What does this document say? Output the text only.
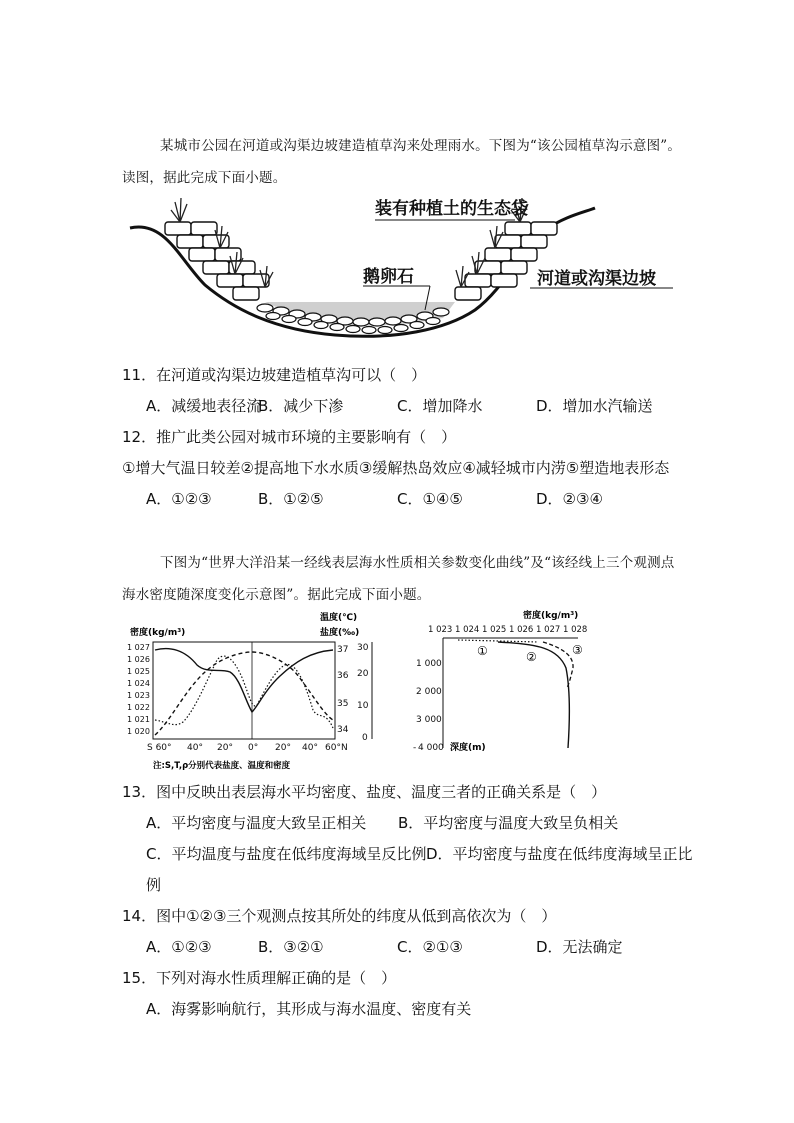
某城市公园在河道或沟渠边坡建造植草沟来处理雨水。下图为“该公园植草沟示意图”。
读图，据此完成下面小题。
装有种植土的生态袋
鹅卵石	河道或沟渠边坡
11．在河道或沟渠边坡建造植草沟可以（　）
A．减缓地表径流
B．减少下渗	C．增加降水	D．增加水汽输送
12．推广此类公园对城市环境的主要影响有（　）
①增大气温日较差②提高地下水水质③缓解热岛效应④减轻城市内涝⑤塑造地表形态
A．①②③	B．①②⑤	C．①④⑤	D．②③④
下图为“世界大洋沿某一经线表层海水性质相关参数变化曲线”及“该经线上三个观测点
海水密度随深度变化示意图”。据此完成下面小题。
密度(kg/m³)
温度(℃)
盐度(‰)
1 027
1 026
1 025
1 024
1 023
1 022
1 021
1 020
37
36
35
34
30
20
10
0
S 60° 40° 20° 0° 20° 40° 60°N
注:S,T,ρ分别代表盐度、温度和密度
密度(kg/m³)
1 023 1 024 1 025 1 026 1 027 1 028
1 000
2 000
3 000
- 4 000 深度(m)
①	②	③
13．图中反映出表层海水平均密度、盐度、温度三者的正确关系是（　）
A．平均密度与温度大致呈正相关 B．平均密度与温度大致呈负相关
C．平均温度与盐度在低纬度海域呈反比例 D．平均密度与盐度在低纬度海域呈正比
例
14．图中①②③三个观测点按其所处的纬度从低到高依次为（　）
A．①②③	B．③②①	C．②①③	D．无法确定
15．下列对海水性质理解正确的是（　）
A．海雾影响航行，其形成与海水温度、密度有关
